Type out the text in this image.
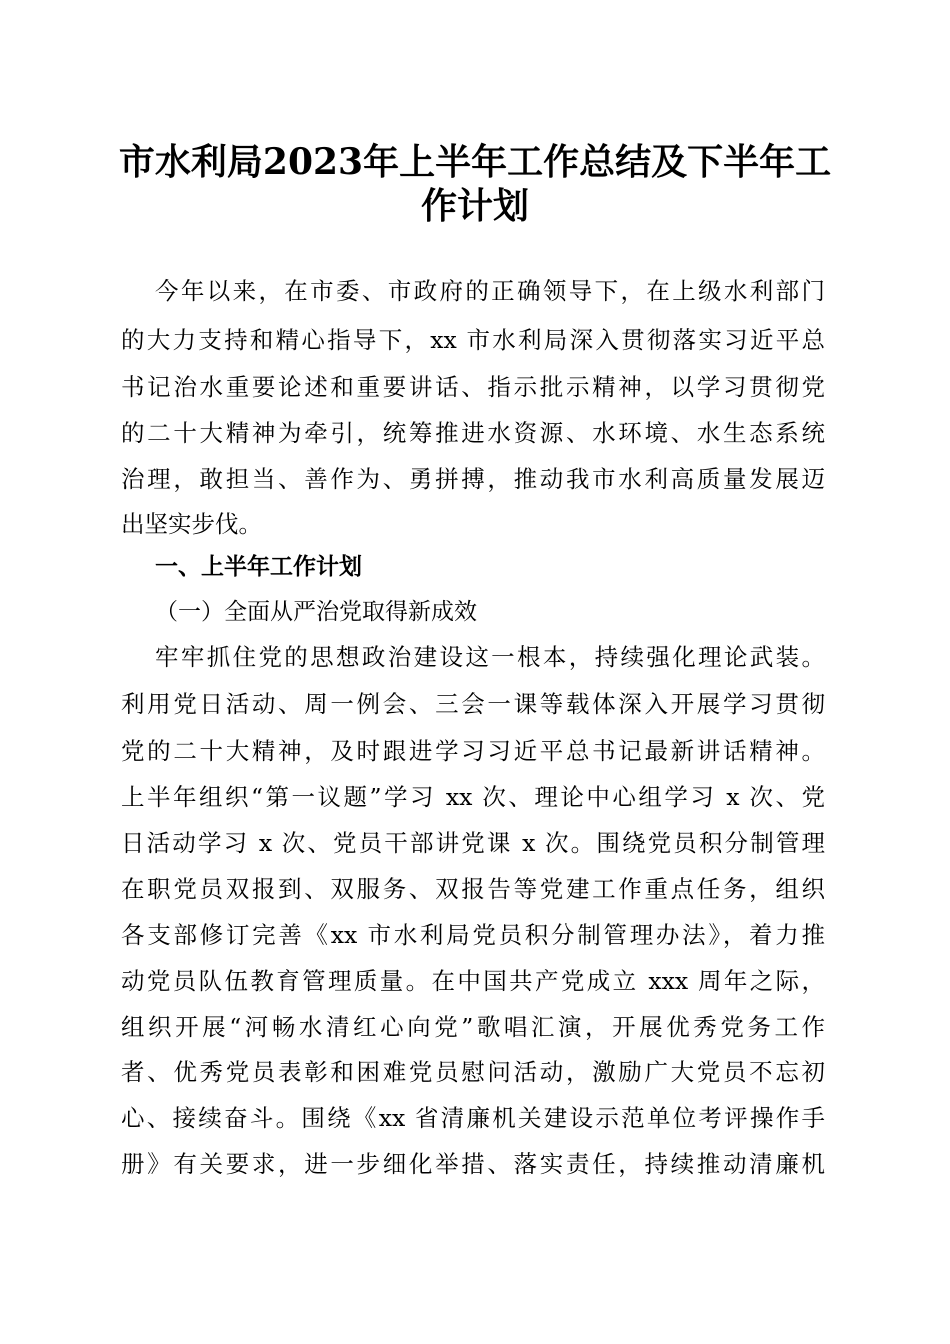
市水利局2023年上半年工作总结及下半年工
作计划
今年以来，在市委、市政府的正确领导下，在上级水利部门
的大力支持和精心指导下，xx 市水利局深入贯彻落实习近平总
书记治水重要论述和重要讲话、指示批示精神，以学习贯彻党
的二十大精神为牵引，统筹推进水资源、水环境、水生态系统
治理，敢担当、善作为、勇拼搏，推动我市水利高质量发展迈
出坚实步伐。
一、上半年工作计划
（一）全面从严治党取得新成效
牢牢抓住党的思想政治建设这一根本，持续强化理论武装。
利用党日活动、周一例会、三会一课等载体深入开展学习贯彻
党的二十大精神，及时跟进学习习近平总书记最新讲话精神。
上半年组织“第一议题”学习 xx 次、理论中心组学习 x 次、党
日活动学习 x 次、党员干部讲党课 x 次。围绕党员积分制管理
在职党员双报到、双服务、双报告等党建工作重点任务，组织
各支部修订完善《xx 市水利局党员积分制管理办法》，着力推
动党员队伍教育管理质量。在中国共产党成立 xxx 周年之际，
组织开展“河畅水清红心向党”歌唱汇演，开展优秀党务工作
者、优秀党员表彰和困难党员慰问活动，激励广大党员不忘初
心、接续奋斗。围绕《xx 省清廉机关建设示范单位考评操作手
册》有关要求，进一步细化举措、落实责任，持续推动清廉机
